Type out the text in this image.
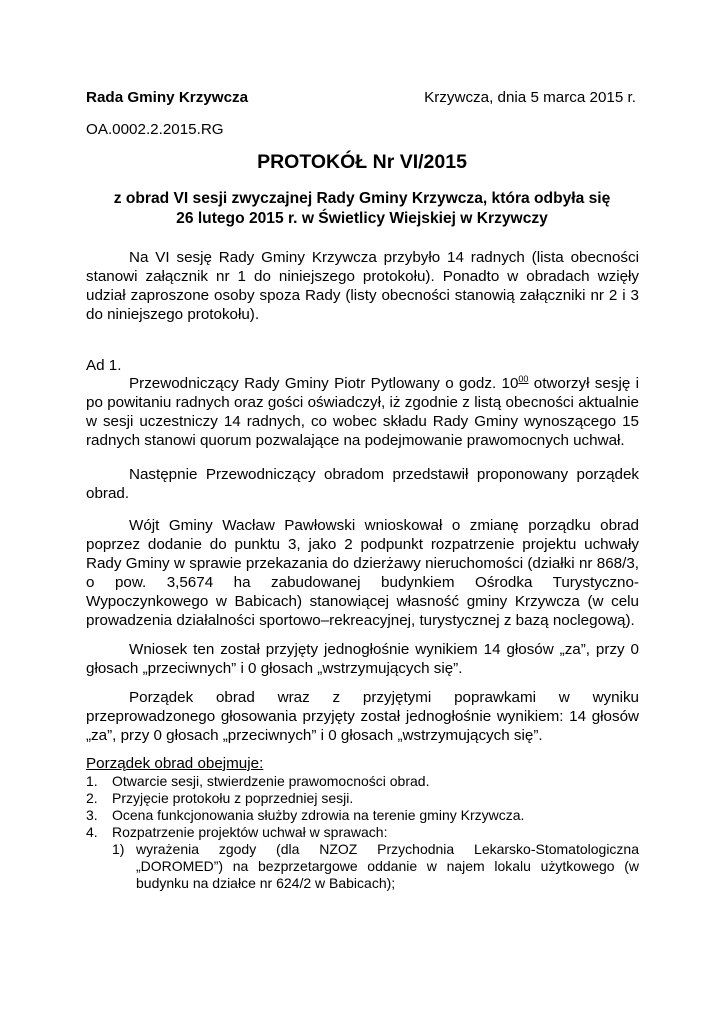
Rada Gminy Krzywcza	Krzywcza, dnia 5 marca 2015 r.
OA.0002.2.2015.RG
PROTOKÓŁ Nr VI/2015
z obrad VI sesji zwyczajnej Rady Gminy Krzywcza, która odbyła się
26 lutego 2015 r. w Świetlicy Wiejskiej w Krzywczy
Na VI sesję Rady Gminy Krzywcza przybyło 14 radnych (lista obecności stanowi załącznik nr 1 do niniejszego protokołu). Ponadto w obradach wzięły udział zaproszone osoby spoza Rady (listy obecności stanowią załączniki nr 2 i 3 do niniejszego protokołu).
Ad 1.
Przewodniczący Rady Gminy Piotr Pytlowany o godz. $10^{00}$ otworzył sesję i po powitaniu radnych oraz gości oświadczył, iż zgodnie z listą obecności aktualnie w sesji uczestniczy 14 radnych, co wobec składu Rady Gminy wynoszącego 15 radnych stanowi quorum pozwalające na podejmowanie prawomocnych uchwał.
Następnie Przewodniczący obradom przedstawił proponowany porządek obrad.
Wójt Gminy Wacław Pawłowski wnioskował o zmianę porządku obrad poprzez dodanie do punktu 3, jako 2 podpunkt rozpatrzenie projektu uchwały Rady Gminy w sprawie przekazania do dzierżawy nieruchomości (działki nr 868/3, o pow. 3,5674 ha zabudowanej budynkiem Ośrodka Turystyczno-Wypoczynkowego w Babicach) stanowiącej własność gminy Krzywcza (w celu prowadzenia działalności sportowo–rekreacyjnej, turystycznej z bazą noclegową).
Wniosek ten został przyjęty jednogłośnie wynikiem 14 głosów „za”, przy 0 głosach „przeciwnych” i 0 głosach „wstrzymujących się”.
Porządek obrad wraz z przyjętymi poprawkami w wyniku przeprowadzonego głosowania przyjęty został jednogłośnie wynikiem: 14 głosów „za”, przy 0 głosach „przeciwnych” i 0 głosach „wstrzymujących się”.
Porządek obrad obejmuje:
1. Otwarcie sesji, stwierdzenie prawomocności obrad.
2. Przyjęcie protokołu z poprzedniej sesji.
3. Ocena funkcjonowania służby zdrowia na terenie gminy Krzywcza.
4. Rozpatrzenie projektów uchwał w sprawach:
1) wyrażenia zgody (dla NZOZ Przychodnia Lekarsko-Stomatologiczna „DOROMED”) na bezprzetargowe oddanie w najem lokalu użytkowego (w budynku na działce nr 624/2 w Babicach);
